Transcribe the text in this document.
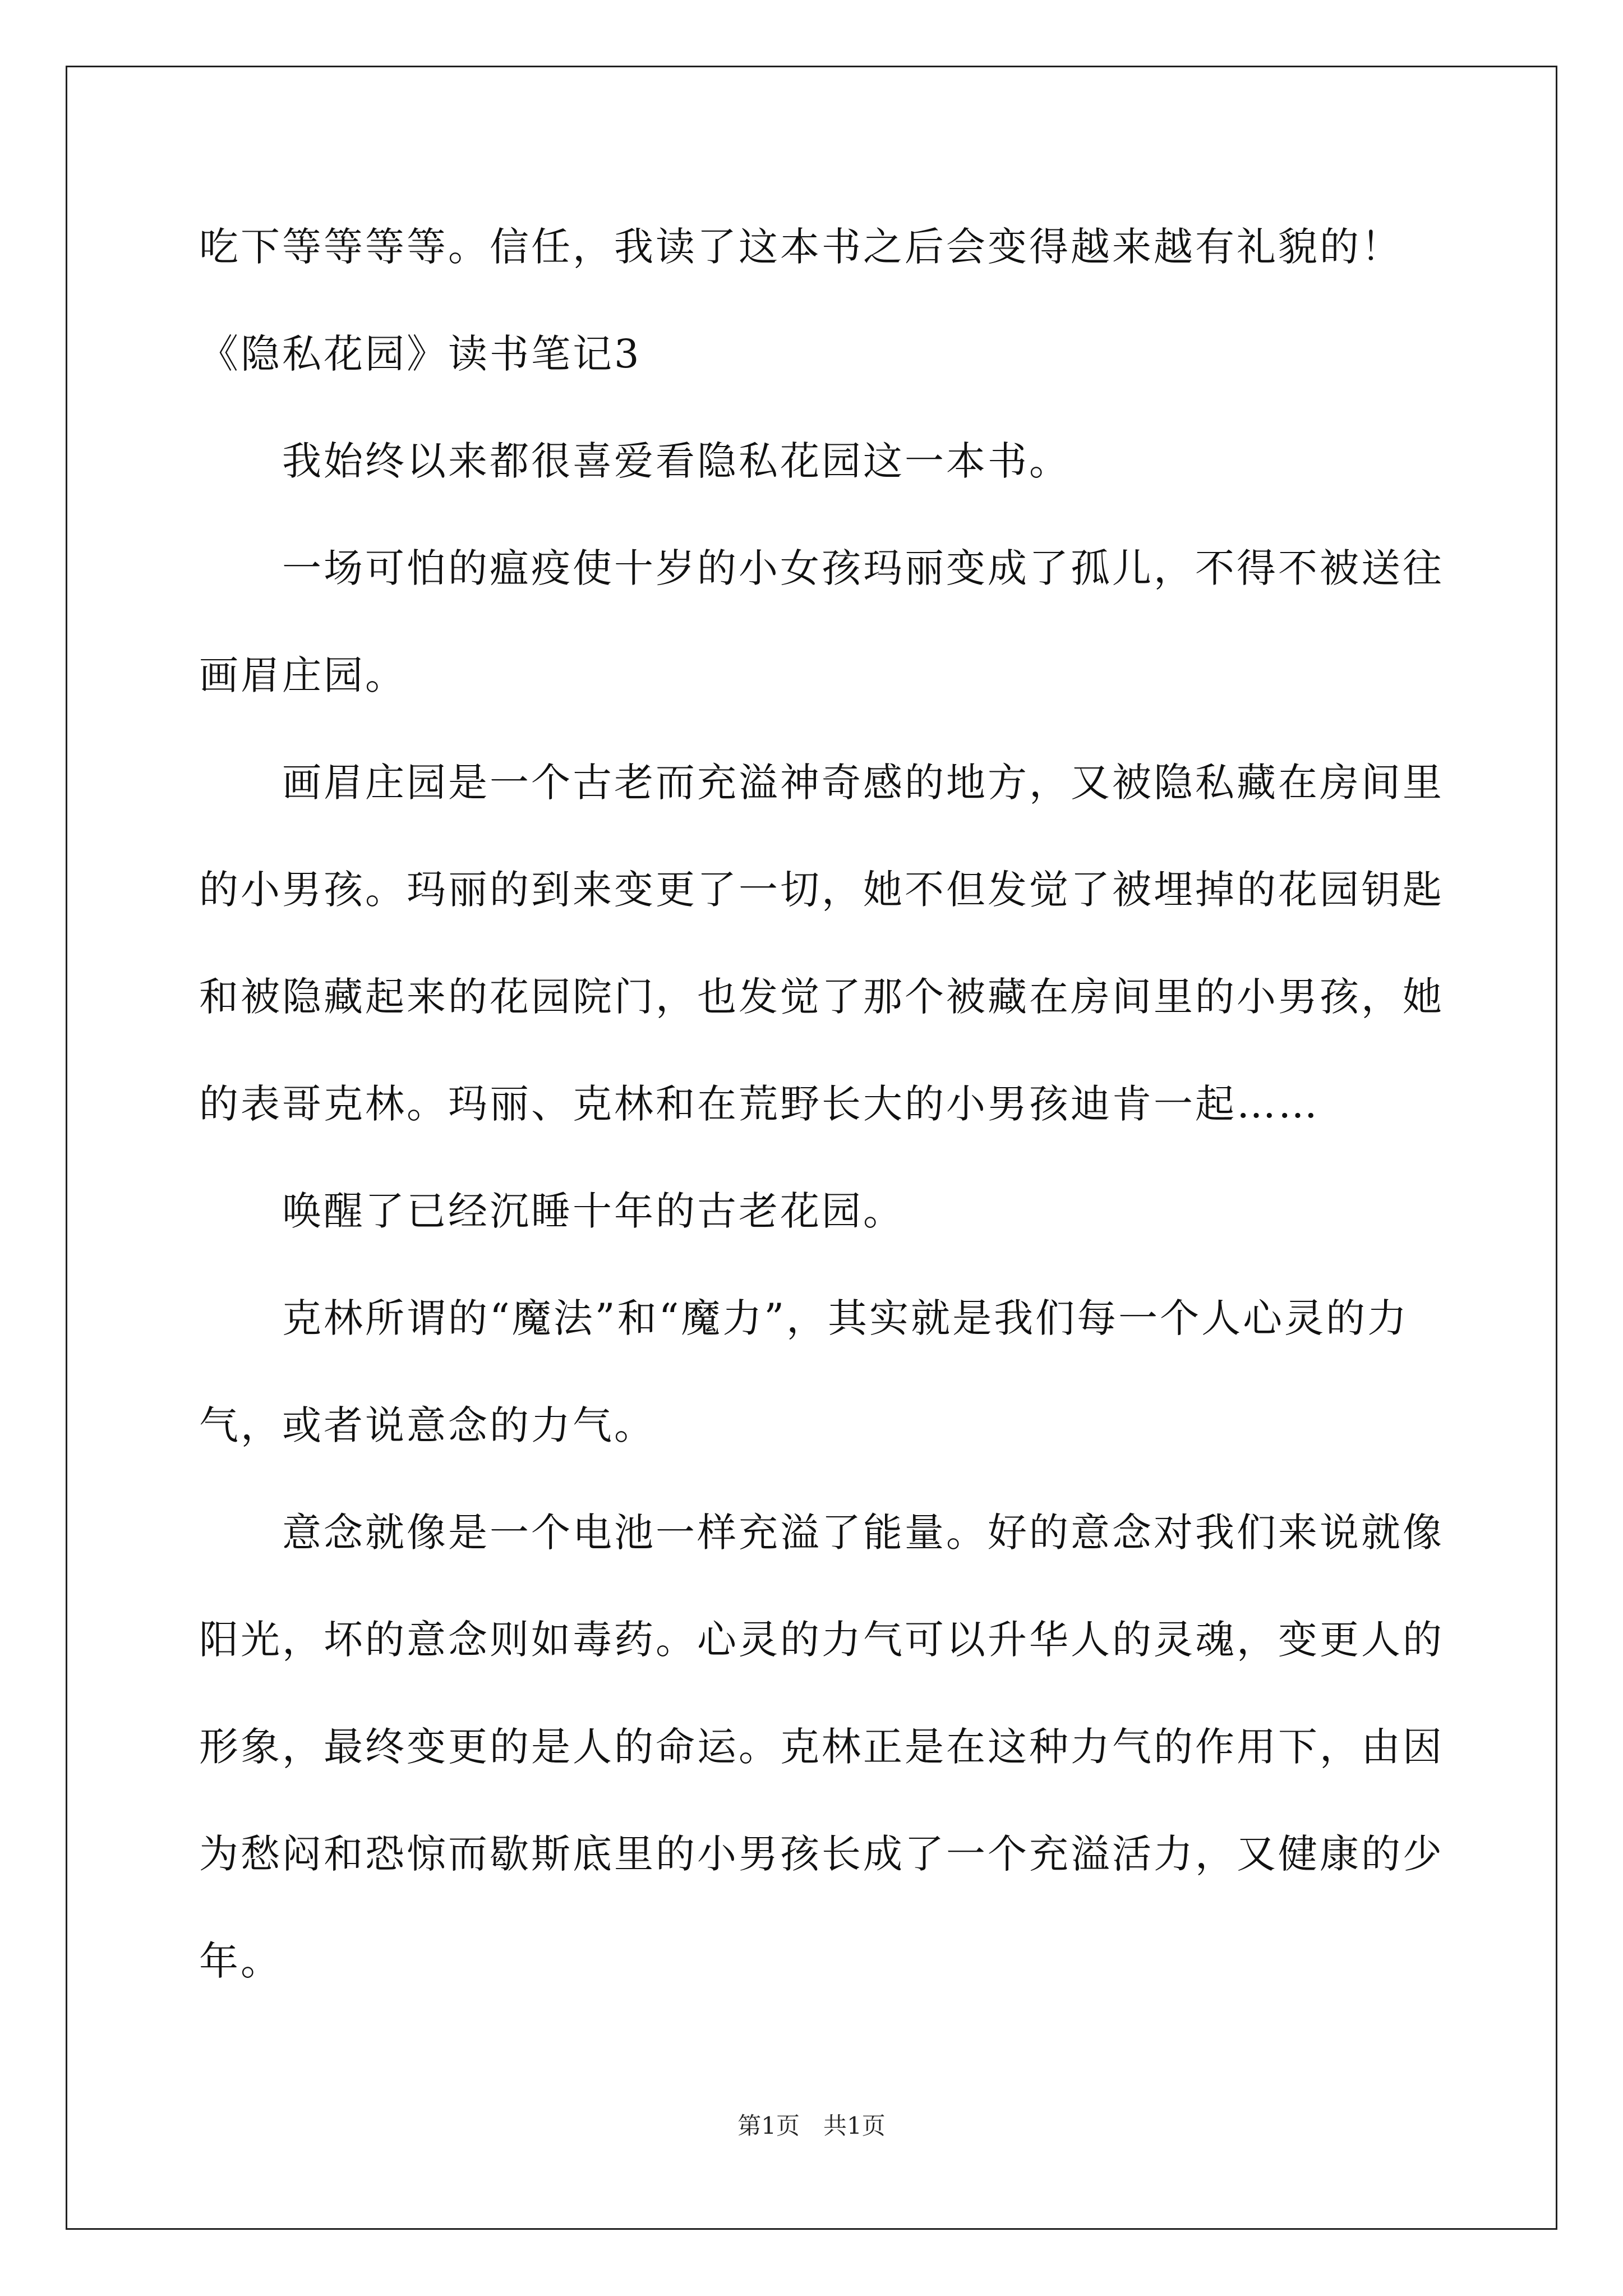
吃下等等等等。信任，我读了这本书之后会变得越来越有礼貌的！
《隐私花园》读书笔记3
我始终以来都很喜爱看隐私花园这一本书。
一场可怕的瘟疫使十岁的小女孩玛丽变成了孤儿，不得不被送往
画眉庄园。
画眉庄园是一个古老而充溢神奇感的地方，又被隐私藏在房间里
的小男孩。玛丽的到来变更了一切，她不但发觉了被埋掉的花园钥匙
和被隐藏起来的花园院门，也发觉了那个被藏在房间里的小男孩，她
的表哥克林。玛丽、克林和在荒野长大的小男孩迪肯一起……
唤醒了已经沉睡十年的古老花园。
克林所谓的“魔法”和“魔力”，其实就是我们每一个人心灵的力
气，或者说意念的力气。
意念就像是一个电池一样充溢了能量。好的意念对我们来说就像
阳光，坏的意念则如毒药。心灵的力气可以升华人的灵魂，变更人的
形象，最终变更的是人的命运。克林正是在这种力气的作用下，由因
为愁闷和恐惊而歇斯底里的小男孩长成了一个充溢活力，又健康的少
年。
第1页　共1页
